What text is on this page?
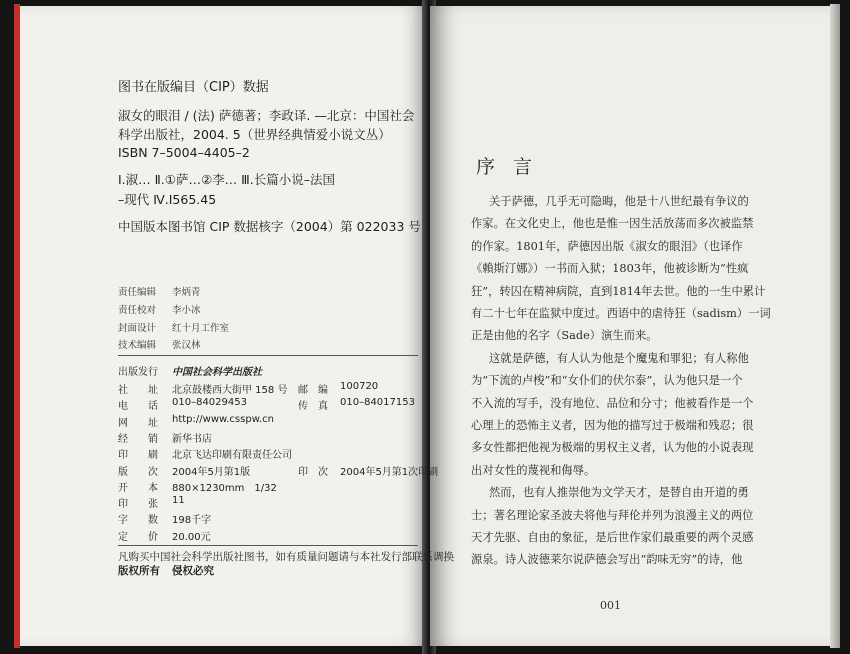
图书在版编目（CIP）数据
淑女的眼泪 / (法) 萨德著；李政译. —北京：中国社会
科学出版社，2004. 5（世界经典情爱小说文丛）
ISBN 7–5004–4405–2
Ⅰ.淑… Ⅱ.①萨…②李… Ⅲ.长篇小说–法国
–现代 Ⅳ.I565.45
中国版本图书馆 CIP 数据核字（2004）第 022033 号
责任编辑 李炳青
责任校对 李小冰
封面设计 红十月工作室
技术编辑 张汉林
出版发行 中国社会科学出版社
社　　址 北京鼓楼西大街甲 158 号 邮　编 100720
电　　话 010–84029453	传　真 010–84017153
网　　址 http://www.csspw.cn
经　　销 新华书店
印　　刷 北京飞达印刷有限责任公司
版　　次 2004年5月第1版	印　次 2004年5月第1次印刷
开　　本 880×1230mm　1/32
印　　张 11
字　　数 198千字
定　　价 20.00元
凡购买中国社会科学出版社图书，如有质量问题请与本社发行部联系调换
版权所有 侵权必究
序 言
关于萨德，几乎无可隐晦，他是十八世纪最有争议的
作家。在文化史上，他也是惟一因生活放荡而多次被监禁
的作家。1801年，萨德因出版《淑女的眼泪》（也译作
《賴斯汀娜》）一书而入狱；1803年，他被诊断为“性疯
狂”，转囚在精神病院，直到1814年去世。他的一生中累计
有二十七年在监狱中度过。西语中的虐待狂（sadism）一词
正是由他的名字（Sade）演生而来。
这就是萨德，有人认为他是个魔鬼和罪犯；有人称他
为“下流的卢梭”和“女仆们的伏尔泰”，认为他只是一个
不入流的写手，没有地位、品位和分寸；他被看作是一个
心理上的恐怖主义者，因为他的描写过于极端和残忍；很
多女性都把他视为极端的男权主义者，认为他的小说表现
出对女性的蔑视和侮辱。
然而，也有人推崇他为文学天才，是替自由开道的勇
士；著名理论家圣波夫将他与拜伦并列为浪漫主义的两位
天才先驱、自由的象征，是后世作家们最重要的两个灵感
源泉。诗人波德莱尔说萨德会写出“韵味无穷”的诗，他
001
